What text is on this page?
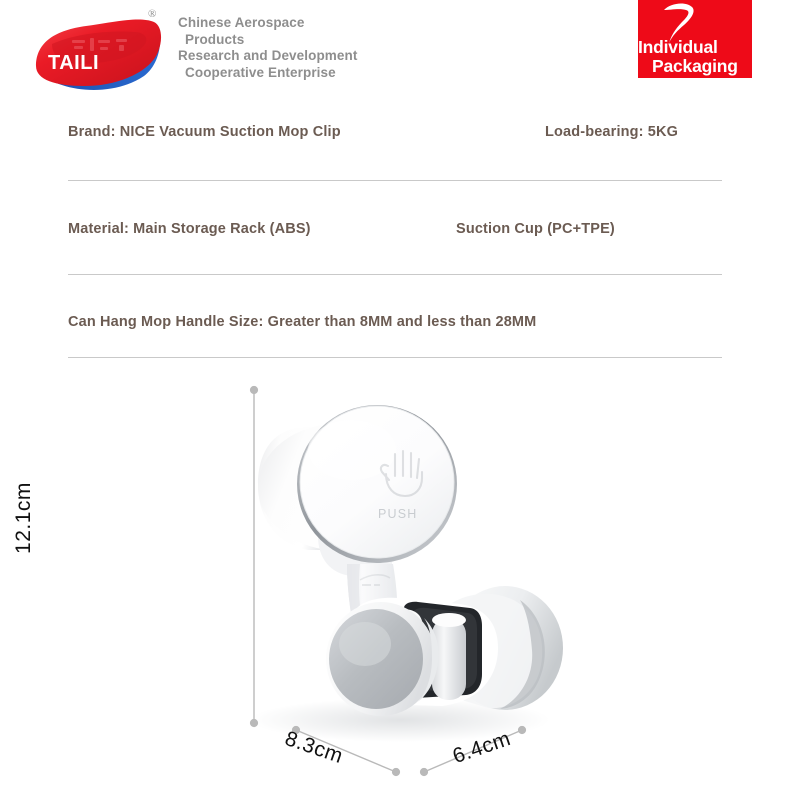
TAILI
®
Chinese Aerospace
Products
Research and Development
Cooperative Enterprise
Individual
Packaging
Brand: NICE Vacuum Suction Mop Clip	Load-bearing: 5KG
Material: Main Storage Rack (ABS)	Suction Cup (PC+TPE)
Can Hang Mop Handle Size: Greater than 8MM and less than 28MM
PUSH
12.1cm
8.3cm	6.4cm
